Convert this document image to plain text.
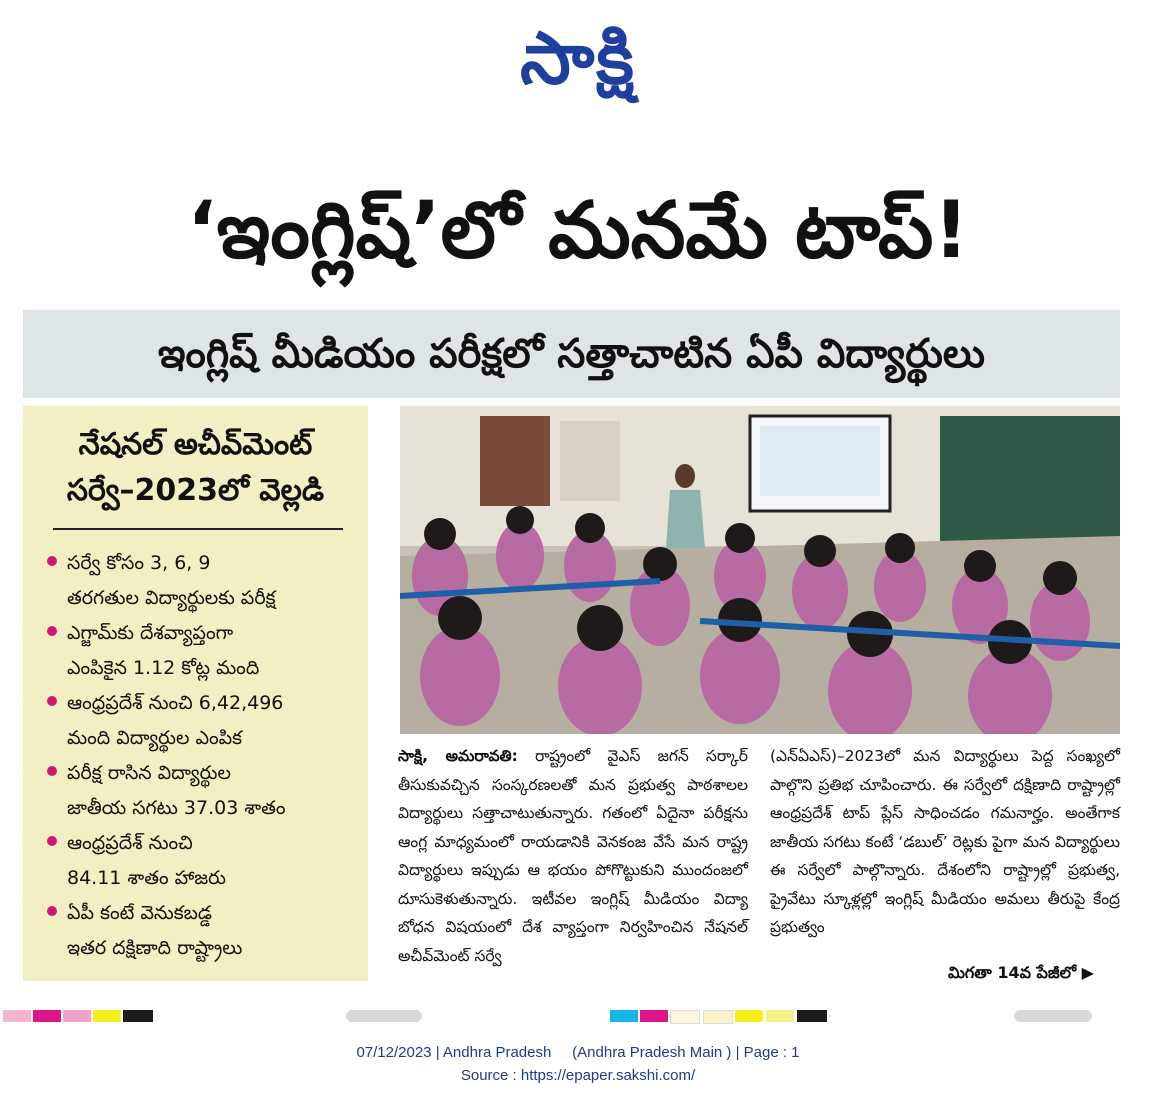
సాక్షి
‘ఇంగ్లిష్’లో మనమే టాప్!
ఇంగ్లిష్ మీడియం పరీక్షలో సత్తాచాటిన ఏపీ విద్యార్థులు
నేషనల్ అచీవ్‌మెంట్
సర్వే–2023లో వెల్లడి
సర్వే కోసం 3, 6, 9
తరగతుల విద్యార్థులకు పరీక్ష
ఎగ్జామ్‌కు దేశవ్యాప్తంగా
ఎంపికైన 1.12 కోట్ల మంది
ఆంధ్రప్రదేశ్ నుంచి 6,42,496
మంది విద్యార్థుల ఎంపిక
పరీక్ష రాసిన విద్యార్థుల
జాతీయ సగటు 37.03 శాతం
ఆంధ్రప్రదేశ్ నుంచి
84.11 శాతం హాజరు
ఏపీ కంటే వెనుకబడ్డ
ఇతర దక్షిణాది రాష్ట్రాలు
సాక్షి, అమరావతి: రాష్ట్రంలో వైఎస్ జగన్ సర్కార్ తీసుకువచ్చిన సంస్కరణలతో మన ప్రభుత్వ పాఠశాలల విద్యార్థులు సత్తాచాటుతున్నారు. గతంలో ఏదైనా పరీక్షను ఆంగ్ల మాధ్యమంలో రాయడానికి వెనకంజ వేసే మన రాష్ట్ర విద్యార్థులు ఇప్పుడు ఆ భయం పోగొట్టుకుని ముందంజలో దూసుకెళుతున్నారు. ఇటీవల ఇంగ్లిష్ మీడియం విద్యా బోధన విషయంలో దేశ వ్యాప్తంగా నిర్వహించిన నేషనల్ అచీవ్‌మెంట్ సర్వే
(ఎన్ఏఎస్)–2023లో మన విద్యార్థులు పెద్ద సంఖ్యలో పాల్గొని ప్రతిభ చూపించారు. ఈ సర్వేలో దక్షిణాది రాష్ట్రాల్లో ఆంధ్రప్రదేశ్ టాప్ ప్లేస్ సాధించడం గమనార్హం. అంతేగాక జాతీయ సగటు కంటే ‘డబుల్’ రెట్లకు పైగా మన విద్యార్థులు ఈ సర్వేలో పాల్గొన్నారు. దేశంలోని రాష్ట్రాల్లో ప్రభుత్వ, ప్రైవేటు స్కూళ్లల్లో ఇంగ్లిష్ మీడియం అమలు తీరుపై కేంద్ర ప్రభుత్వం
మిగతా 14వ పేజీలో ▶
07/12/2023 | Andhra Pradesh     (Andhra Pradesh Main ) | Page : 1
Source : https://epaper.sakshi.com/
